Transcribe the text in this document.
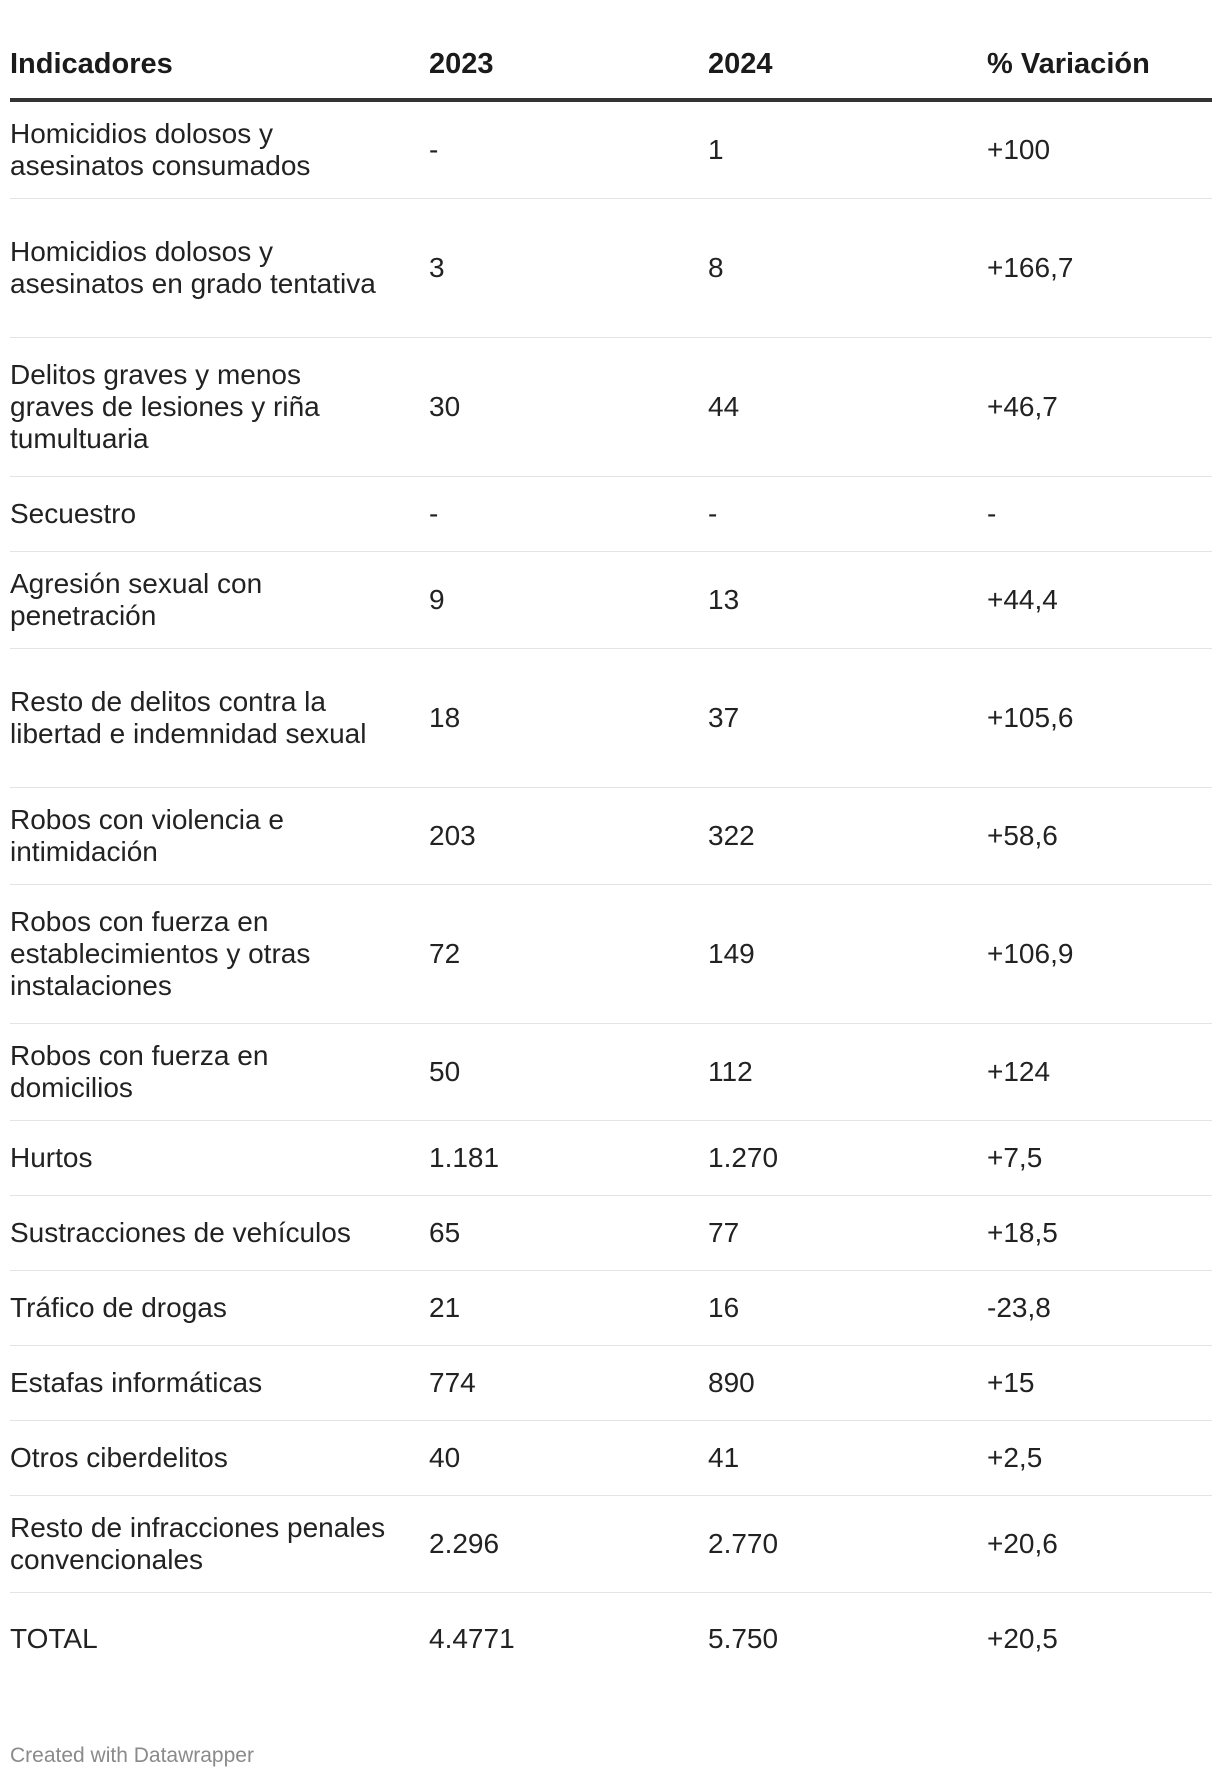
Indicadores	2023	2024	% Variación
Homicidios dolosos y asesinatos consumados	-	1	+100
Homicidios dolosos y asesinatos en grado tentativa	3	8	+166,7
Delitos graves y menos graves de lesiones y riña tumultuaria	30	44	+46,7
Secuestro	-	-	-
Agresión sexual con penetración	9	13	+44,4
Resto de delitos contra la libertad e indemnidad sexual	18	37	+105,6
Robos con violencia e intimidación	203	322	+58,6
Robos con fuerza en establecimientos y otras instalaciones	72	149	+106,9
Robos con fuerza en domicilios	50	112	+124
Hurtos	1.181	1.270	+7,5
Sustracciones de vehículos	65	77	+18,5
Tráfico de drogas	21	16	-23,8
Estafas informáticas	774	890	+15
Otros ciberdelitos	40	41	+2,5
Resto de infracciones penales convencionales	2.296	2.770	+20,6
TOTAL	4.4771	5.750	+20,5
Created with Datawrapper
